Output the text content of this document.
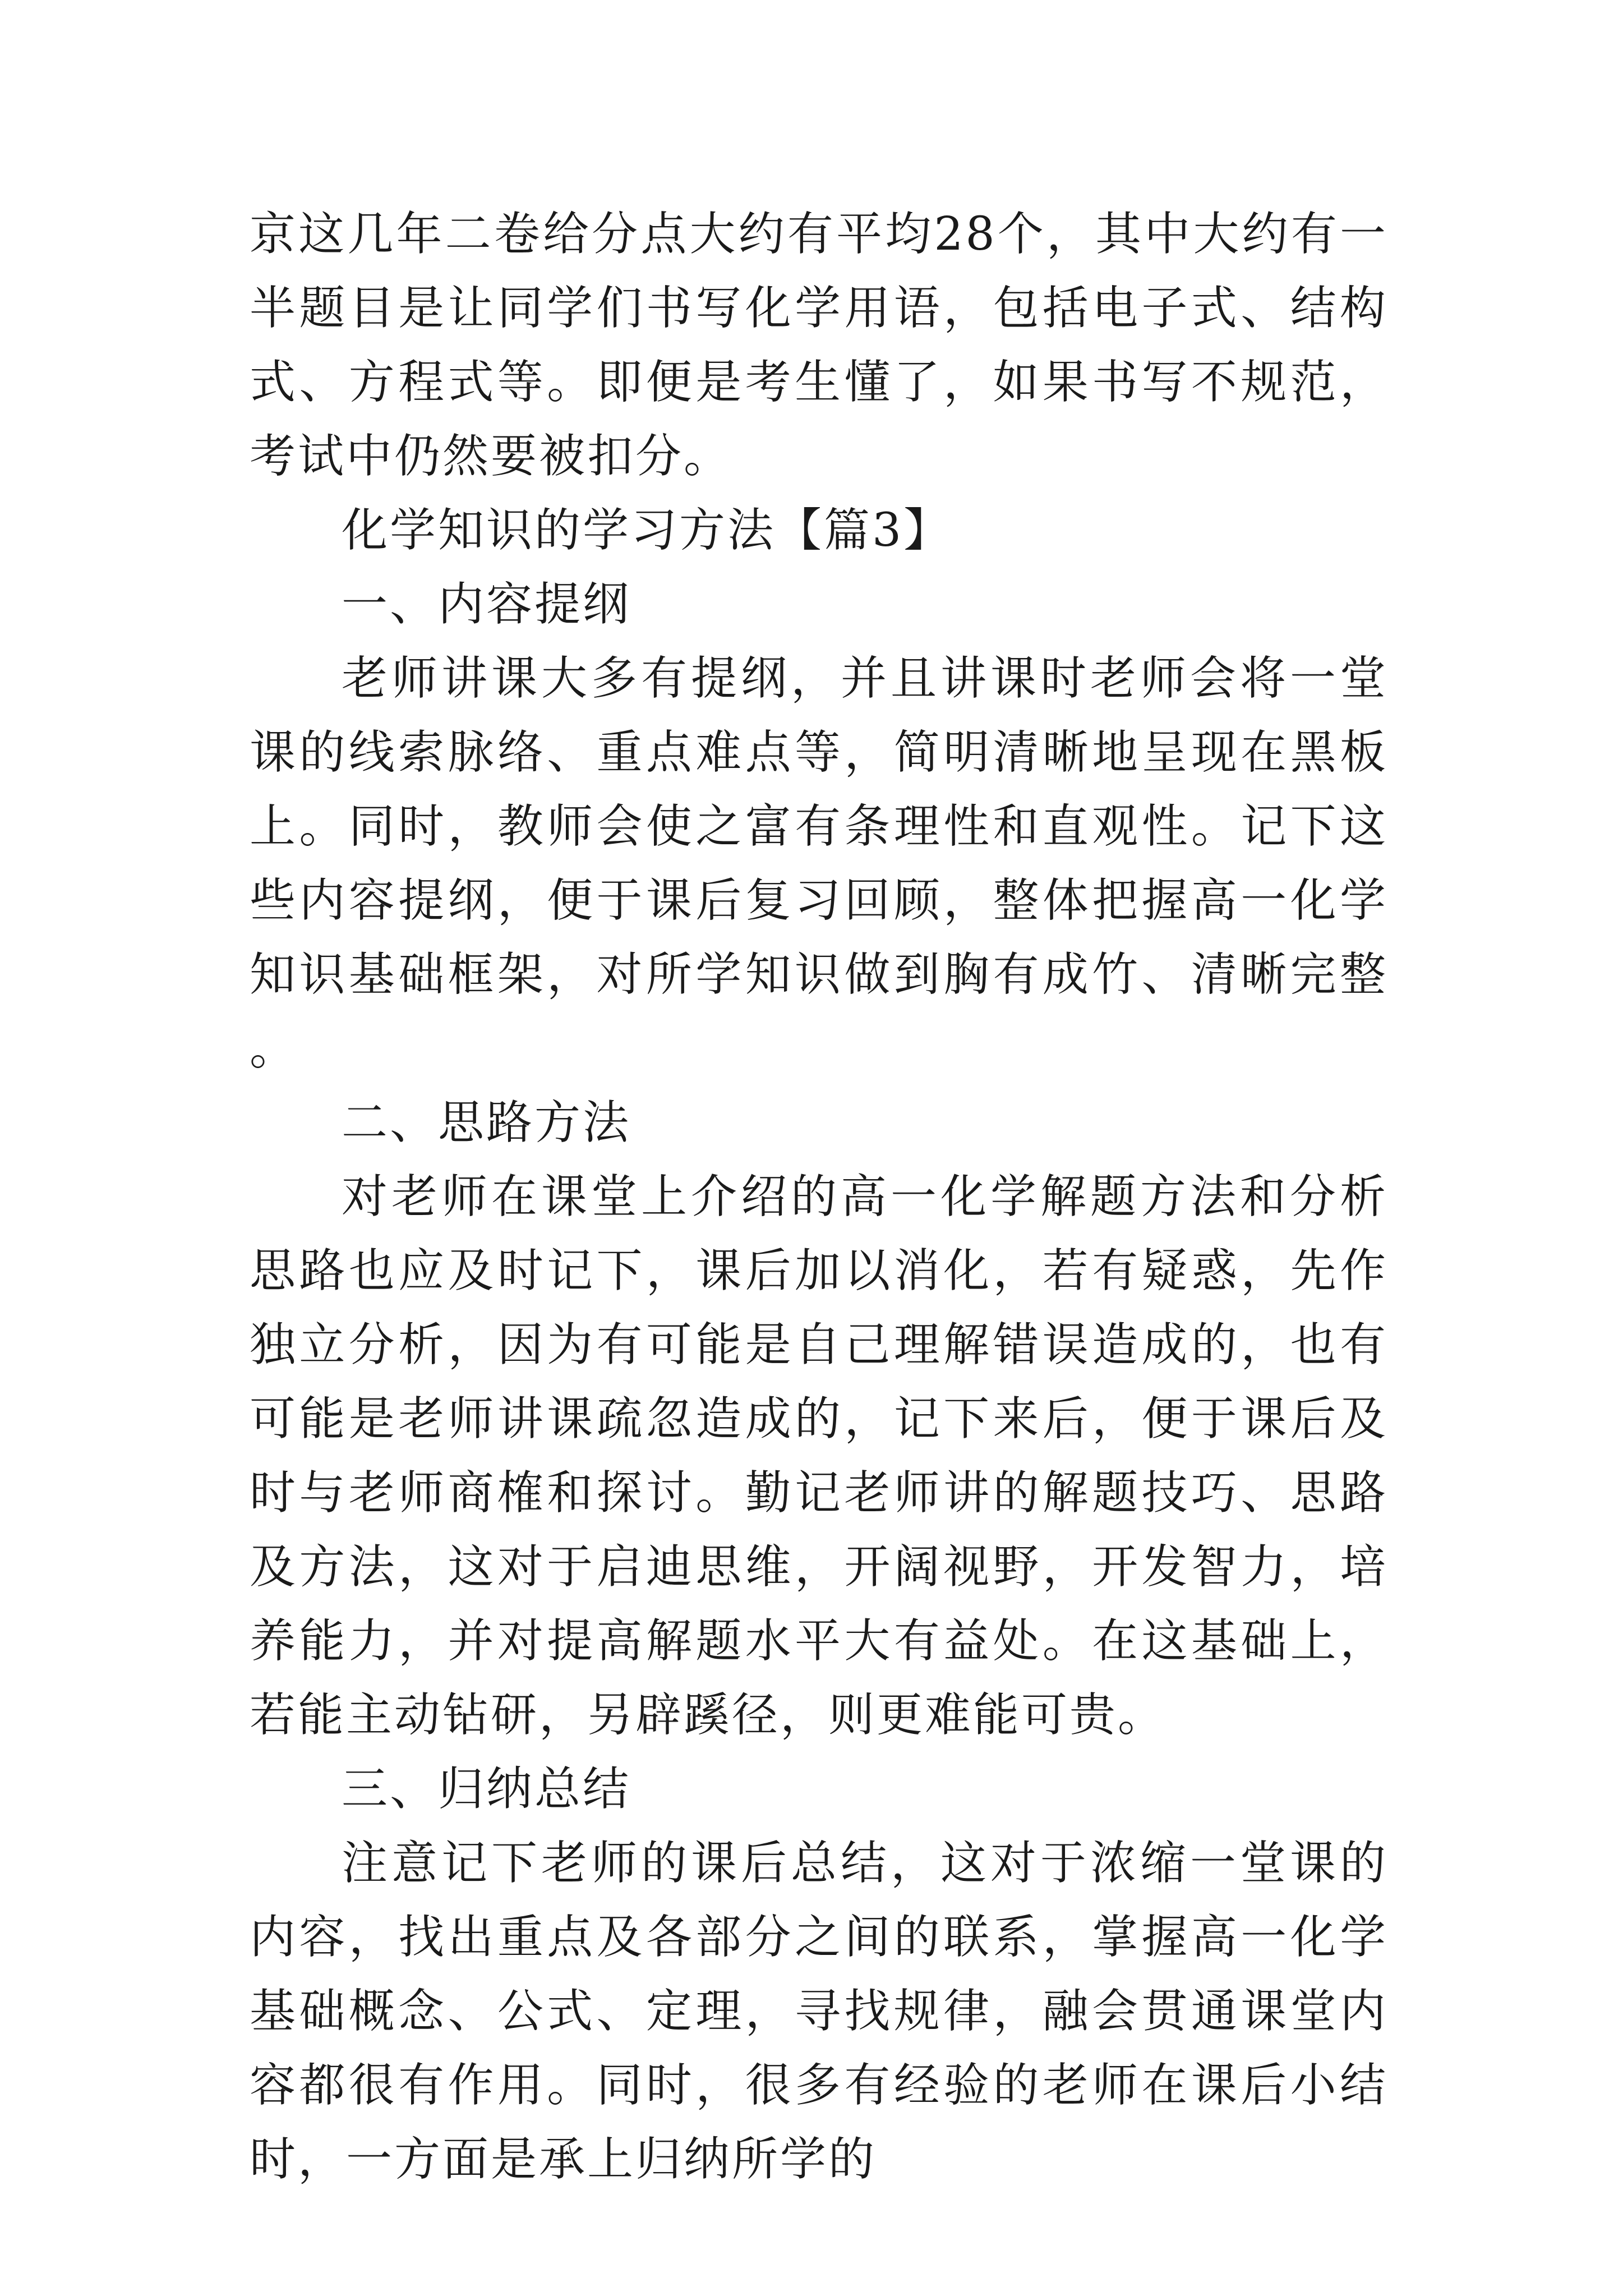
京这几年二卷给分点大约有平均28个，其中大约有一半题目是让同学们书写化学用语，包括电子式、结构式、方程式等。即便是考生懂了，如果书写不规范，考试中仍然要被扣分。

化学知识的学习方法【篇3】

一、内容提纲

老师讲课大多有提纲，并且讲课时老师会将一堂课的线索脉络、重点难点等，简明清晰地呈现在黑板上。同时，教师会使之富有条理性和直观性。记下这些内容提纲，便于课后复习回顾，整体把握高一化学知识基础框架，对所学知识做到胸有成竹、清晰完整。

二、思路方法

对老师在课堂上介绍的高一化学解题方法和分析思路也应及时记下，课后加以消化，若有疑惑，先作独立分析，因为有可能是自己理解错误造成的，也有可能是老师讲课疏忽造成的，记下来后，便于课后及时与老师商榷和探讨。勤记老师讲的解题技巧、思路及方法，这对于启迪思维，开阔视野，开发智力，培养能力，并对提高解题水平大有益处。在这基础上，若能主动钻研，另辟蹊径，则更难能可贵。

三、归纳总结

注意记下老师的课后总结，这对于浓缩一堂课的内容，找出重点及各部分之间的联系，掌握高一化学基础概念、公式、定理，寻找规律，融会贯通课堂内容都很有作用。同时，很多有经验的老师在课后小结时，一方面是承上归纳所学的
